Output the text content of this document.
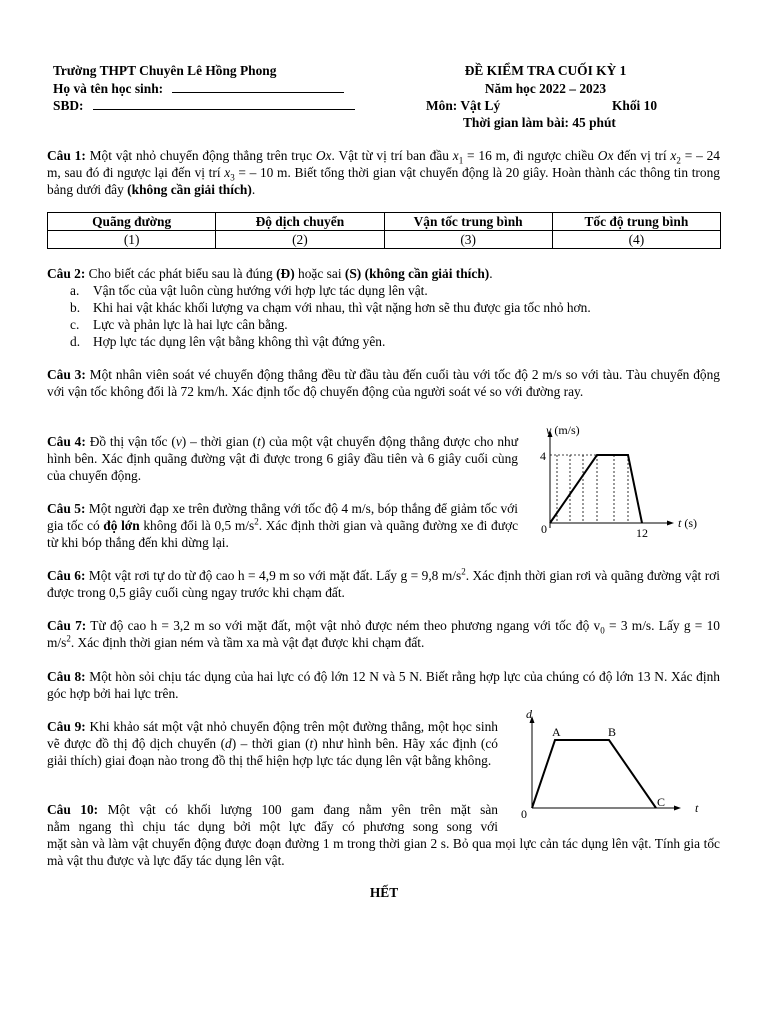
Trường THPT Chuyên Lê Hồng Phong
Họ và tên học sinh:
SBD:
ĐỀ KIỂM TRA CUỐI KỲ 1
Năm học 2022 – 2023
Môn: Vật Lý	Khối 10
Thời gian làm bài: 45 phút
Câu 1: Một vật nhỏ chuyển động thẳng trên trục Ox. Vật từ vị trí ban đầu $x_1 = 16$ m, đi ngược chiều Ox đến vị trí $x_2$ = – 24 m, sau đó đi ngược lại đến vị trí $x_3$ = – 10 m. Biết tổng thời gian vật chuyển động là 20 giây. Hoàn thành các thông tin trong bảng dưới đây (không cần giải thích).
Quãng đường	Độ dịch chuyển	Vận tốc trung bình	Tốc độ trung bình
(1)	(2)	(3)	(4)
Câu 2: Cho biết các phát biểu sau là đúng (Đ) hoặc sai (S) (không cần giải thích).
a. Vận tốc của vật luôn cùng hướng với hợp lực tác dụng lên vật.
b. Khi hai vật khác khối lượng va chạm với nhau, thì vật nặng hơn sẽ thu được gia tốc nhỏ hơn.
c. Lực và phản lực là hai lực cân bằng.
d. Hợp lực tác dụng lên vật bằng không thì vật đứng yên.
Câu 3: Một nhân viên soát vé chuyển động thẳng đều từ đầu tàu đến cuối tàu với tốc độ 2 m/s so với tàu. Tàu chuyển động với vận tốc không đổi là 72 km/h. Xác định tốc độ chuyển động của người soát vé so với đường ray.
Câu 4: Đồ thị vận tốc (v) – thời gian (t) của một vật chuyển động thẳng được cho như hình bên. Xác định quãng đường vật đi được trong 6 giây đầu tiên và 6 giây cuối cùng của chuyển động.
Câu 5: Một người đạp xe trên đường thẳng với tốc độ 4 m/s, bóp thắng để giảm tốc với gia tốc có độ lớn không đổi là 0,5 $m/s^2$. Xác định thời gian và quãng đường xe đi được từ khi bóp thắng đến khi dừng lại.
v (m/s)
4
0	12
t (s)
Câu 6: Một vật rơi tự do từ độ cao h = 4,9 m so với mặt đất. Lấy g = 9,8 $m/s^2$. Xác định thời gian rơi và quãng đường vật rơi được trong 0,5 giây cuối cùng ngay trước khi chạm đất.
Câu 7: Từ độ cao h = 3,2 m so với mặt đất, một vật nhỏ được ném theo phương ngang với tốc độ $v_0 = 3$ m/s. Lấy g = 10 $m/s^2$. Xác định thời gian ném và tầm xa mà vật đạt được khi chạm đất.
Câu 8: Một hòn sỏi chịu tác dụng của hai lực có độ lớn 12 N và 5 N. Biết rằng hợp lực của chúng có độ lớn 13 N. Xác định góc hợp bởi hai lực trên.
Câu 9: Khi khảo sát một vật nhỏ chuyển động trên một đường thẳng, một học sinh vẽ được đồ thị độ dịch chuyển (d) – thời gian (t) như hình bên. Hãy xác định (có giải thích) giai đoạn nào trong đồ thị thể hiện hợp lực tác dụng lên vật bằng không.
d
A	B
C
0	t
Câu 10: Một vật có khối lượng 100 gam đang nằm yên trên mặt sàn
nằm ngang thì chịu tác dụng bởi một lực đẩy có phương song song với
mặt sàn và làm vật chuyển động được đoạn đường 1 m trong thời gian 2 s. Bỏ qua mọi lực cản tác dụng lên vật. Tính gia tốc mà vật thu được và lực đẩy tác dụng lên vật.
HẾT
